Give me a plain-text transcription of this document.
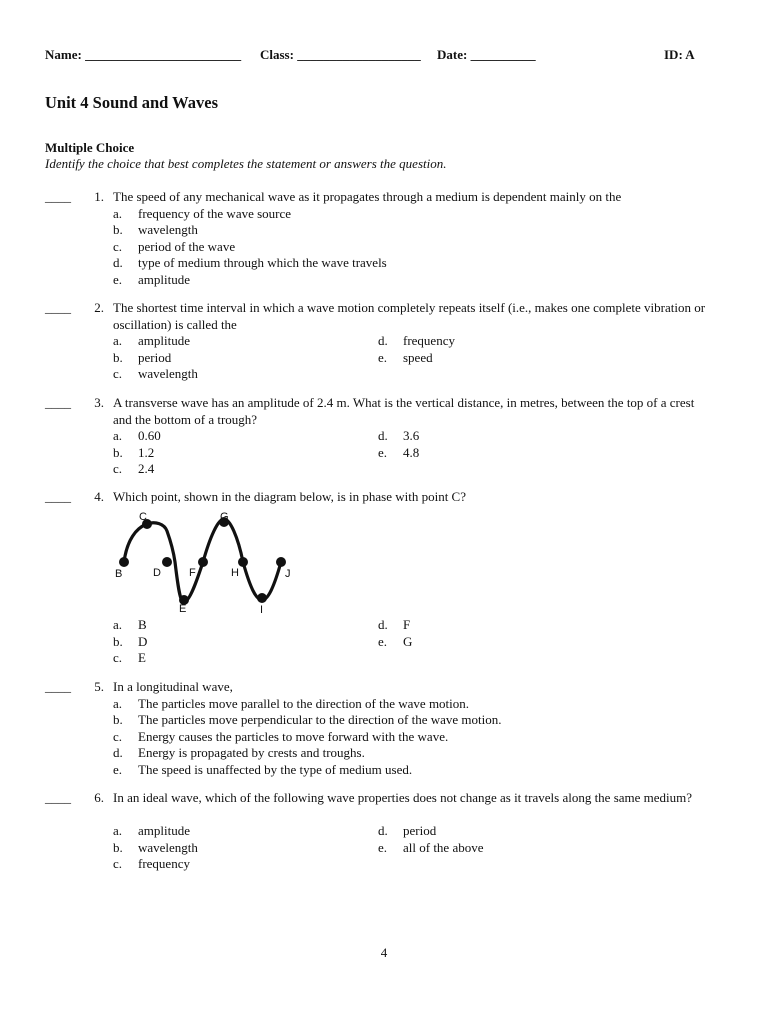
Name: ________________________ Class: ___________________ Date: __________	ID: A
Unit 4 Sound and Waves
Multiple Choice
Identify the choice that best completes the statement or answers the question.
____	1. The speed of any mechanical wave as it propagates through a medium is dependent mainly on the
a. frequency of the wave source
b. wavelength
c. period of the wave
d. type of medium through which the wave travels
e. amplitude
____	2. The shortest time interval in which a wave motion completely repeats itself (i.e., makes one complete vibration or oscillation) is called the
a. amplitude
b. period
c. wavelength
d. frequency
e. speed
____	3. A transverse wave has an amplitude of 2.4 m. What is the vertical distance, in metres, between the top of a crest and the bottom of a trough?
a. 0.60
b. 1.2
c. 2.4
d. 3.6
e. 4.8
____	4. Which point, shown in the diagram below, is in phase with point C?
a. B
b. D
c. E
d. F
e. G
C	G
B	D	F	H	J
E	I
____	5. In a longitudinal wave,
a. The particles move parallel to the direction of the wave motion.
b. The particles move perpendicular to the direction of the wave motion.
c. Energy causes the particles to move forward with the wave.
d. Energy is propagated by crests and troughs.
e. The speed is unaffected by the type of medium used.
____	6. In an ideal wave, which of the following wave properties does not change as it travels along the same medium?
a. amplitude
b. wavelength
c. frequency
d. period
e. all of the above
4
